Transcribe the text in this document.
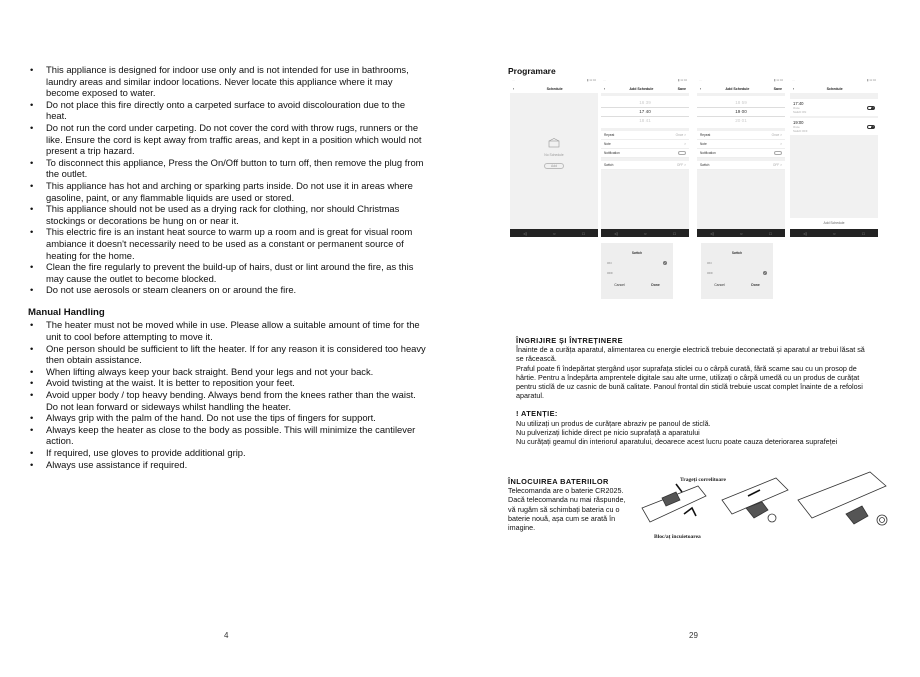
• This appliance is designed for indoor use only and is not intended for use in bathrooms, laundry areas and similar indoor locations. Never locate this appliance where it may become exposed to water.
• Do not place this fire directly onto a carpeted surface to avoid discolouration due to the heat.
• Do not run the cord under carpeting. Do not cover the cord with throw rugs, runners or the like. Ensure the cord is kept away from traffic areas, and kept in a position which would not present a trip hazard.
• To disconnect this appliance, Press the On/Off button to turn off, then remove the plug from the outlet.
• This appliance has hot and arching or sparking parts inside. Do not use it in areas where gasoline, paint, or any flammable liquids are used or stored.
• This appliance should not be used as a drying rack for clothing, nor should Christmas stockings or decorations be hung on or near it.
• This electric fire is an instant heat source to warm up a room and is great for visual room ambiance it doesn't necessarily need to be used as a constant or permanent source of heating for the home.
• Clean the fire regularly to prevent the build-up of hairs, dust or lint around the fire, as this may cause the outlet to become blocked.
• Do not use aerosols or steam cleaners on or around the fire.
Manual Handling
• The heater must not be moved while in use. Please allow a suitable amount of time for the unit to cool before attempting to move it.
• One person should be sufficient to lift the heater. If for any reason it is considered too heavy then obtain assistance.
• When lifting always keep your back straight. Bend your legs and not your back.
• Avoid twisting at the waist. It is better to reposition your feet.
• Avoid upper body / top heavy bending. Always bend from the knees rather than the waist. Do not lean forward or sideways whilst handling the heater.
• Always grip with the palm of the hand. Do not use the tips of fingers for support.
• Always keep the heater as close to the body as possible. This will minimize the cantilever action.
• If required, use gloves to provide additional grip.
• Always use assistance if required.
4
Programare
···	▮ 11:02
‹	Schedule
No Schedule
Add
◁	○	□
···	▮ 11:02
‹	Add Schedule	Save
16 39
17 40
18 41
Repeat	Once >
Note	>
Notification
Switch	OFF >
◁	○	□
···	▮ 11:02
‹	Add Schedule	Save
18 59
19 00
20 01
Repeat	Once >
Note	>
Notification
Switch	OFF >
◁	○	□
···	▮ 11:02
‹	Schedule
17:40
Once
Switch:ON
19:00
Once
Switch:OFF
Add Schedule
◁	○	□
Switch
ON	✓
OFF
Cancel	Done
Switch
ON
OFF	✓
Cancel	Done
ÎNGRIJIRE ȘI ÎNTREȚINERE
Înainte de a curăța aparatul, alimentarea cu energie electrică trebuie deconectată și aparatul ar trebui lăsat să se răcească.
Praful poate fi îndepărtat ștergând ușor suprafața sticlei cu o cârpă curată, fără scame sau cu un prosop de hârtie. Pentru a îndepărta amprentele digitale sau alte urme, utilizați o cârpă umedă cu un produs de curățat pentru sticlă de uz casnic de bună calitate. Panoul frontal din sticlă trebuie uscat complet înainte de a refolosi aparatul.
! ATENȚIE:
Nu utilizați un produs de curățare abraziv pe panoul de sticlă.
Nu pulverizați lichide direct pe nicio suprafață a aparatului
Nu curățați geamul din interiorul aparatului, deoarece acest lucru poate cauza deteriorarea suprafeței
ÎNLOCUIREA BATERIILOR
Telecomanda are o baterie CR2025. Dacă telecomanda nu mai răspunde, vă rugăm să schimbați bateria cu o baterie nouă, așa cum se arată în imagine.
Trageți correlitoare
Bloc/aț încuietoarea
29
